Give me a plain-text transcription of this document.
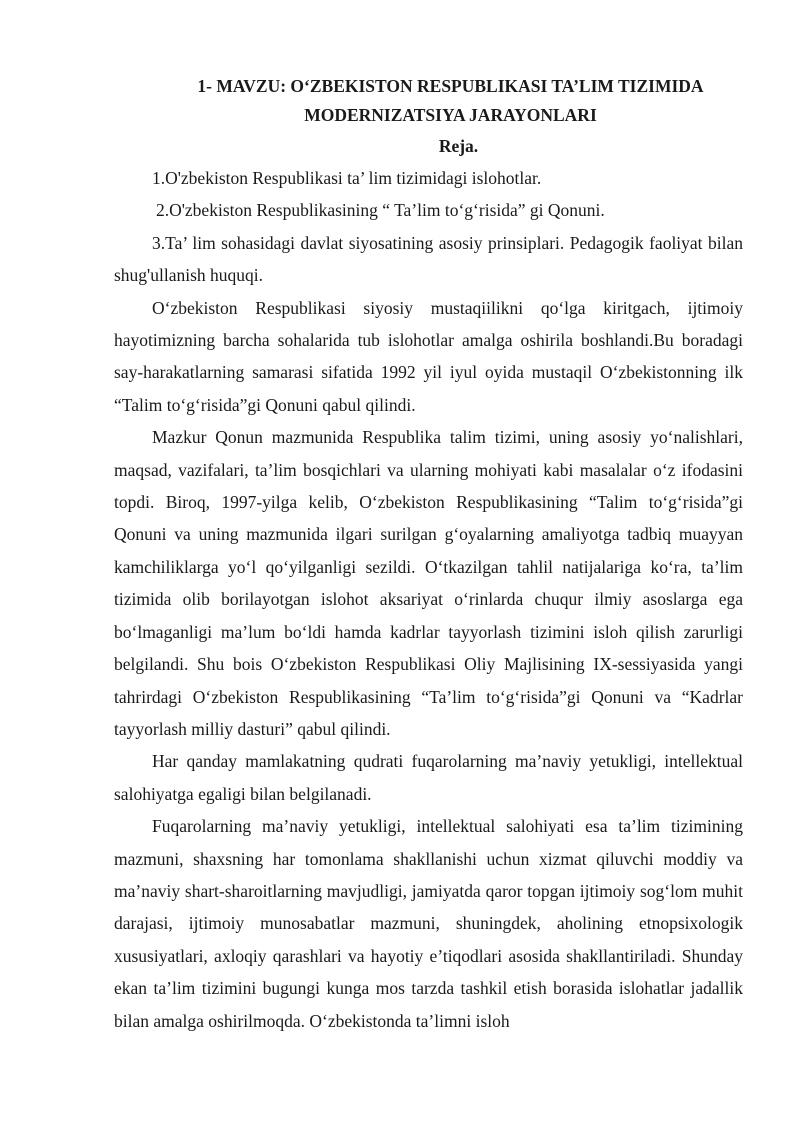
1- MAVZU: O‘ZBEKISTON RESPUBLIKASI TA’LIM TIZIMIDA

MODERNIZATSIYA JARAYONLARI

Reja.

1.O'zbekiston Respublikasi ta’ lim tizimidagi islohotlar.

2.O'zbekiston Respublikasining “ Ta’lim to‘g‘risida” gi Qonuni.

3.Ta’ lim sohasidagi davlat siyosatining asosiy prinsiplari. Pedagogik faoliyat bilan shug'ullanish huquqi.

O‘zbekiston Respublikasi siyosiy mustaqiilikni qo‘lga kiritgach, ijtimoiy hayotimizning barcha sohalarida tub islohotlar amalga oshirila boshlandi.Bu boradagi say-harakatlarning samarasi sifatida 1992 yil iyul oyida mustaqil O‘zbekistonning ilk “Talim to‘g‘risida”gi Qonuni qabul qilindi.

Mazkur Qonun mazmunida Respublika talim tizimi, uning asosiy yo‘nalishlari, maqsad, vazifalari, ta’lim bosqichlari va ularning mohiyati kabi masalalar o‘z ifodasini topdi. Biroq, 1997-yilga kelib, O‘zbekiston Respublikasining “Talim to‘g‘risida”gi Qonuni va uning mazmunida ilgari surilgan g‘oyalarning amaliyotga tadbiq muayyan kamchiliklarga yo‘l qo‘yilganligi sezildi. O‘tkazilgan tahlil natijalariga ko‘ra, ta’lim tizimida olib borilayotgan islohot aksariyat o‘rinlarda chuqur ilmiy asoslarga ega bo‘lmaganligi ma’lum bo‘ldi hamda kadrlar tayyorlash tizimini isloh qilish zarurligi belgilandi. Shu bois O‘zbekiston Respublikasi Oliy Majlisining IX-sessiyasida yangi tahrirdagi O‘zbekiston Respublikasining “Ta’lim to‘g‘risida”gi Qonuni va “Kadrlar tayyorlash milliy dasturi” qabul qilindi.

Har qanday mamlakatning qudrati fuqarolarning ma’naviy yetukligi, intellektual salohiyatga egaligi bilan belgilanadi.

Fuqarolarning ma’naviy yetukligi, intellektual salohiyati esa ta’lim tizimining mazmuni, shaxsning har tomonlama shakllanishi uchun xizmat qiluvchi moddiy va ma’naviy shart-sharoitlarning mavjudligi, jamiyatda qaror topgan ijtimoiy sog‘lom muhit darajasi, ijtimoiy munosabatlar mazmuni, shuningdek, aholining etnopsixologik xususiyatlari, axloqiy qarashlari va hayotiy e’tiqodlari asosida shakllantiriladi. Shunday ekan ta’lim tizimini bugungi kunga mos tarzda tashkil etish borasida islohatlar jadallik bilan amalga oshirilmoqda. O‘zbekistonda ta’limni isloh
